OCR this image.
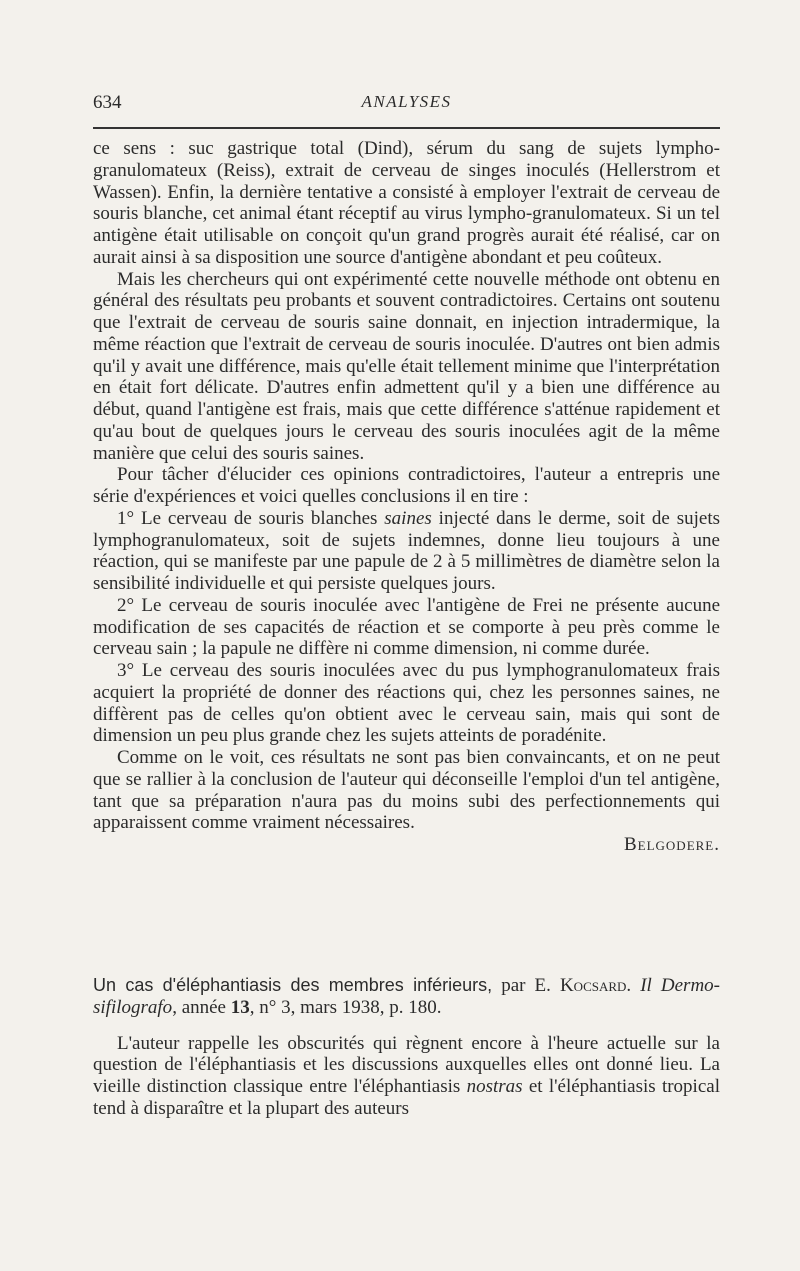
634	ANALYSES

ce sens : suc gastrique total (Dind), sérum du sang de sujets lympho-granulomateux (Reiss), extrait de cerveau de singes inoculés (Hellerstrom et Wassen). Enfin, la dernière tentative a consisté à employer l'extrait de cerveau de souris blanche, cet animal étant réceptif au virus lympho-granulomateux. Si un tel antigène était utilisable on conçoit qu'un grand progrès aurait été réalisé, car on aurait ainsi à sa disposition une source d'antigène abondant et peu coûteux.

Mais les chercheurs qui ont expérimenté cette nouvelle méthode ont obtenu en général des résultats peu probants et souvent contradictoires. Certains ont soutenu que l'extrait de cerveau de souris saine donnait, en injection intradermique, la même réaction que l'extrait de cerveau de souris inoculée. D'autres ont bien admis qu'il y avait une différence, mais qu'elle était tellement minime que l'interprétation en était fort délicate. D'autres enfin admettent qu'il y a bien une différence au début, quand l'antigène est frais, mais que cette différence s'atténue rapidement et qu'au bout de quelques jours le cerveau des souris inoculées agit de la même manière que celui des souris saines.

Pour tâcher d'élucider ces opinions contradictoires, l'auteur a entrepris une série d'expériences et voici quelles conclusions il en tire :

1° Le cerveau de souris blanches saines injecté dans le derme, soit de sujets lymphogranulomateux, soit de sujets indemnes, donne lieu toujours à une réaction, qui se manifeste par une papule de 2 à 5 millimètres de diamètre selon la sensibilité individuelle et qui persiste quelques jours.

2° Le cerveau de souris inoculée avec l'antigène de Frei ne présente aucune modification de ses capacités de réaction et se comporte à peu près comme le cerveau sain ; la papule ne diffère ni comme dimension, ni comme durée.

3° Le cerveau des souris inoculées avec du pus lymphogranulomateux frais acquiert la propriété de donner des réactions qui, chez les personnes saines, ne diffèrent pas de celles qu'on obtient avec le cerveau sain, mais qui sont de dimension un peu plus grande chez les sujets atteints de poradénite.

Comme on le voit, ces résultats ne sont pas bien convaincants, et on ne peut que se rallier à la conclusion de l'auteur qui déconseille l'emploi d'un tel antigène, tant que sa préparation n'aura pas du moins subi des perfectionnements qui apparaissent comme vraiment nécessaires.

Belgodere.

Un cas d'éléphantiasis des membres inférieurs, par E. Kocsard. Il Dermo-sifilografo, année 13, n° 3, mars 1938, p. 180.

L'auteur rappelle les obscurités qui règnent encore à l'heure actuelle sur la question de l'éléphantiasis et les discussions auxquelles elles ont donné lieu. La vieille distinction classique entre l'éléphantiasis nostras et l'éléphantiasis tropical tend à disparaître et la plupart des auteurs
